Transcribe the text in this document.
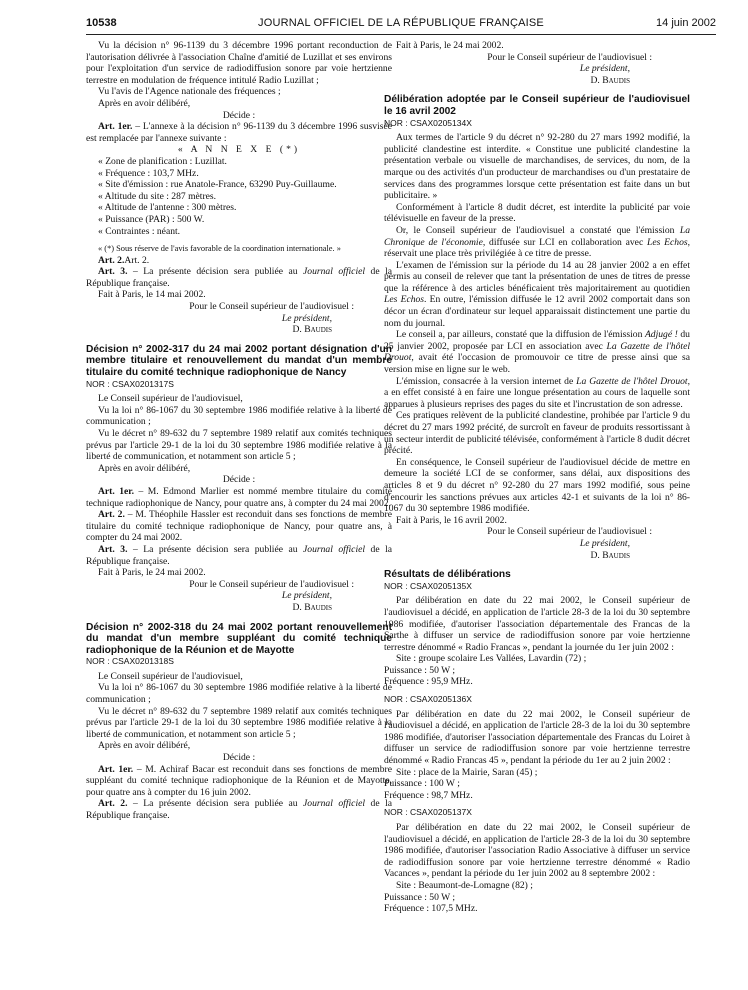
10538	JOURNAL OFFICIEL DE LA RÉPUBLIQUE FRANÇAISE	14 juin 2002

Vu la décision n° 96-1139 du 3 décembre 1996 portant reconduction de l'autorisation délivrée à l'association Chaîne d'amitié de Luzillat et ses environs pour l'exploitation d'un service de radiodiffusion sonore par voie hertzienne terrestre en modulation de fréquence intitulé Radio Luzillat ;

Vu l'avis de l'Agence nationale des fréquences ;

Après en avoir délibéré,

Décide :

Art. 1er. – L'annexe à la décision n° 96-1139 du 3 décembre 1996 susvisée est remplacée par l'annexe suivante :

« A N N E X E (*)

« Zone de planification : Luzillat.

« Fréquence : 103,7 MHz.

« Site d'émission : rue Anatole-France, 63290 Puy-Guillaume.

« Altitude du site : 287 mètres.

« Altitude de l'antenne : 300 mètres.

« Puissance (PAR) : 500 W.

« Contraintes : néant.

« (*) Sous réserve de l'avis favorable de la coordination internationale. »

Art. 2.Art. 2.

Art. 3. – La présente décision sera publiée au Journal officiel de la République française.

Fait à Paris, le 14 mai 2002.

Pour le Conseil supérieur de l'audiovisuel :

Le président,

D. Baudis

Décision n° 2002-317 du 24 mai 2002 portant désignation d'un membre titulaire et renouvellement du mandat d'un membre titulaire du comité technique radiophonique de Nancy

NOR : CSAX0201317S

Le Conseil supérieur de l'audiovisuel,

Vu la loi n° 86-1067 du 30 septembre 1986 modifiée relative à la liberté de communication ;

Vu le décret n° 89-632 du 7 septembre 1989 relatif aux comités techniques prévus par l'article 29-1 de la loi du 30 septembre 1986 modifiée relative à la liberté de communication, et notamment son article 5 ;

Après en avoir délibéré,

Décide :

Art. 1er. – M. Edmond Marlier est nommé membre titulaire du comité technique radiophonique de Nancy, pour quatre ans, à compter du 24 mai 2002.

Art. 2. – M. Théophile Hassler est reconduit dans ses fonctions de membre titulaire du comité technique radiophonique de Nancy, pour quatre ans, à compter du 24 mai 2002.

Art. 3. – La présente décision sera publiée au Journal officiel de la République française.

Fait à Paris, le 24 mai 2002.

Pour le Conseil supérieur de l'audiovisuel :

Le président,

D. Baudis

Décision n° 2002-318 du 24 mai 2002 portant renouvellement du mandat d'un membre suppléant du comité technique radiophonique de la Réunion et de Mayotte

NOR : CSAX0201318S

Le Conseil supérieur de l'audiovisuel,

Vu la loi n° 86-1067 du 30 septembre 1986 modifiée relative à la liberté de communication ;

Vu le décret n° 89-632 du 7 septembre 1989 relatif aux comités techniques prévus par l'article 29-1 de la loi du 30 septembre 1986 modifiée relative à la liberté de communication, et notamment son article 5 ;

Après en avoir délibéré,

Décide :

Art. 1er. – M. Achiraf Bacar est reconduit dans ses fonctions de membre suppléant du comité technique radiophonique de la Réunion et de Mayotte, pour quatre ans à compter du 16 juin 2002.

Art. 2. – La présente décision sera publiée au Journal officiel de la République française.

Fait à Paris, le 24 mai 2002.

Pour le Conseil supérieur de l'audiovisuel :

Le président,

D. Baudis

Délibération adoptée par le Conseil supérieur de l'audiovisuel le 16 avril 2002

NOR : CSAX0205134X

Aux termes de l'article 9 du décret n° 92-280 du 27 mars 1992 modifié, la publicité clandestine est interdite. « Constitue une publicité clandestine la présentation verbale ou visuelle de marchandises, de services, du nom, de la marque ou des activités d'un producteur de marchandises ou d'un prestataire de services dans des programmes lorsque cette présentation est faite dans un but publicitaire. »

Conformément à l'article 8 dudit décret, est interdite la publicité par voie télévisuelle en faveur de la presse.

Or, le Conseil supérieur de l'audiovisuel a constaté que l'émission La Chronique de l'économie, diffusée sur LCI en collaboration avec Les Echos, réservait une place très privilégiée à ce titre de presse.

L'examen de l'émission sur la période du 14 au 28 janvier 2002 a en effet permis au conseil de relever que tant la présentation de unes de titres de presse que la référence à des articles bénéficaient très majoritairement au quotidien Les Echos. En outre, l'émission diffusée le 12 avril 2002 comportait dans son décor un écran d'ordinateur sur lequel apparaissait distinctement une partie du nom du journal.

Le conseil a, par ailleurs, constaté que la diffusion de l'émission Adjugé ! du 25 janvier 2002, proposée par LCI en association avec La Gazette de l'hôtel Drouot, avait été l'occasion de promouvoir ce titre de presse ainsi que sa version mise en ligne sur le web.

L'émission, consacrée à la version internet de La Gazette de l'hôtel Drouot, a en effet consisté à en faire une longue présentation au cours de laquelle sont apparues à plusieurs reprises des pages du site et l'incrustation de son adresse.

Ces pratiques relèvent de la publicité clandestine, prohibée par l'article 9 du décret du 27 mars 1992 précité, de surcroît en faveur de produits ressortissant à un secteur interdit de publicité télévisée, conformément à l'article 8 dudit décret précité.

En conséquence, le Conseil supérieur de l'audiovisuel décide de mettre en demeure la société LCI de se conformer, sans délai, aux dispositions des articles 8 et 9 du décret n° 92-280 du 27 mars 1992 modifié, sous peine d'encourir les sanctions prévues aux articles 42-1 et suivants de la loi n° 86-1067 du 30 septembre 1986 modifiée.

Fait à Paris, le 16 avril 2002.

Pour le Conseil supérieur de l'audiovisuel :

Le président,

D. Baudis

Résultats de délibérations

NOR : CSAX0205135X

Par délibération en date du 22 mai 2002, le Conseil supérieur de l'audiovisuel a décidé, en application de l'article 28-3 de la loi du 30 septembre 1986 modifiée, d'autoriser l'association départementale des Francas de la Sarthe à diffuser un service de radiodiffusion sonore par voie hertzienne terrestre dénommé « Radio Francas », pendant la journée du 1er juin 2002 :

Site : groupe scolaire Les Vallées, Lavardin (72) ;

Puissance : 50 W ;

Fréquence : 95,9 MHz.

NOR : CSAX0205136X

Par délibération en date du 22 mai 2002, le Conseil supérieur de l'audiovisuel a décidé, en application de l'article 28-3 de la loi du 30 septembre 1986 modifiée, d'autoriser l'association départementale des Francas du Loiret à diffuser un service de radiodiffusion sonore par voie hertzienne terrestre dénommé « Radio Francas 45 », pendant la période du 1er au 2 juin 2002 :

Site : place de la Mairie, Saran (45) ;

Puissance : 100 W ;

Fréquence : 98,7 MHz.

NOR : CSAX0205137X

Par délibération en date du 22 mai 2002, le Conseil supérieur de l'audiovisuel a décidé, en application de l'article 28-3 de la loi du 30 septembre 1986 modifiée, d'autoriser l'association Radio Associative à diffuser un service de radiodiffusion sonore par voie hertzienne terrestre dénommé « Radio Vacances », pendant la période du 1er juin 2002 au 8 septembre 2002 :

Site : Beaumont-de-Lomagne (82) ;

Puissance : 50 W ;

Fréquence : 107,5 MHz.
